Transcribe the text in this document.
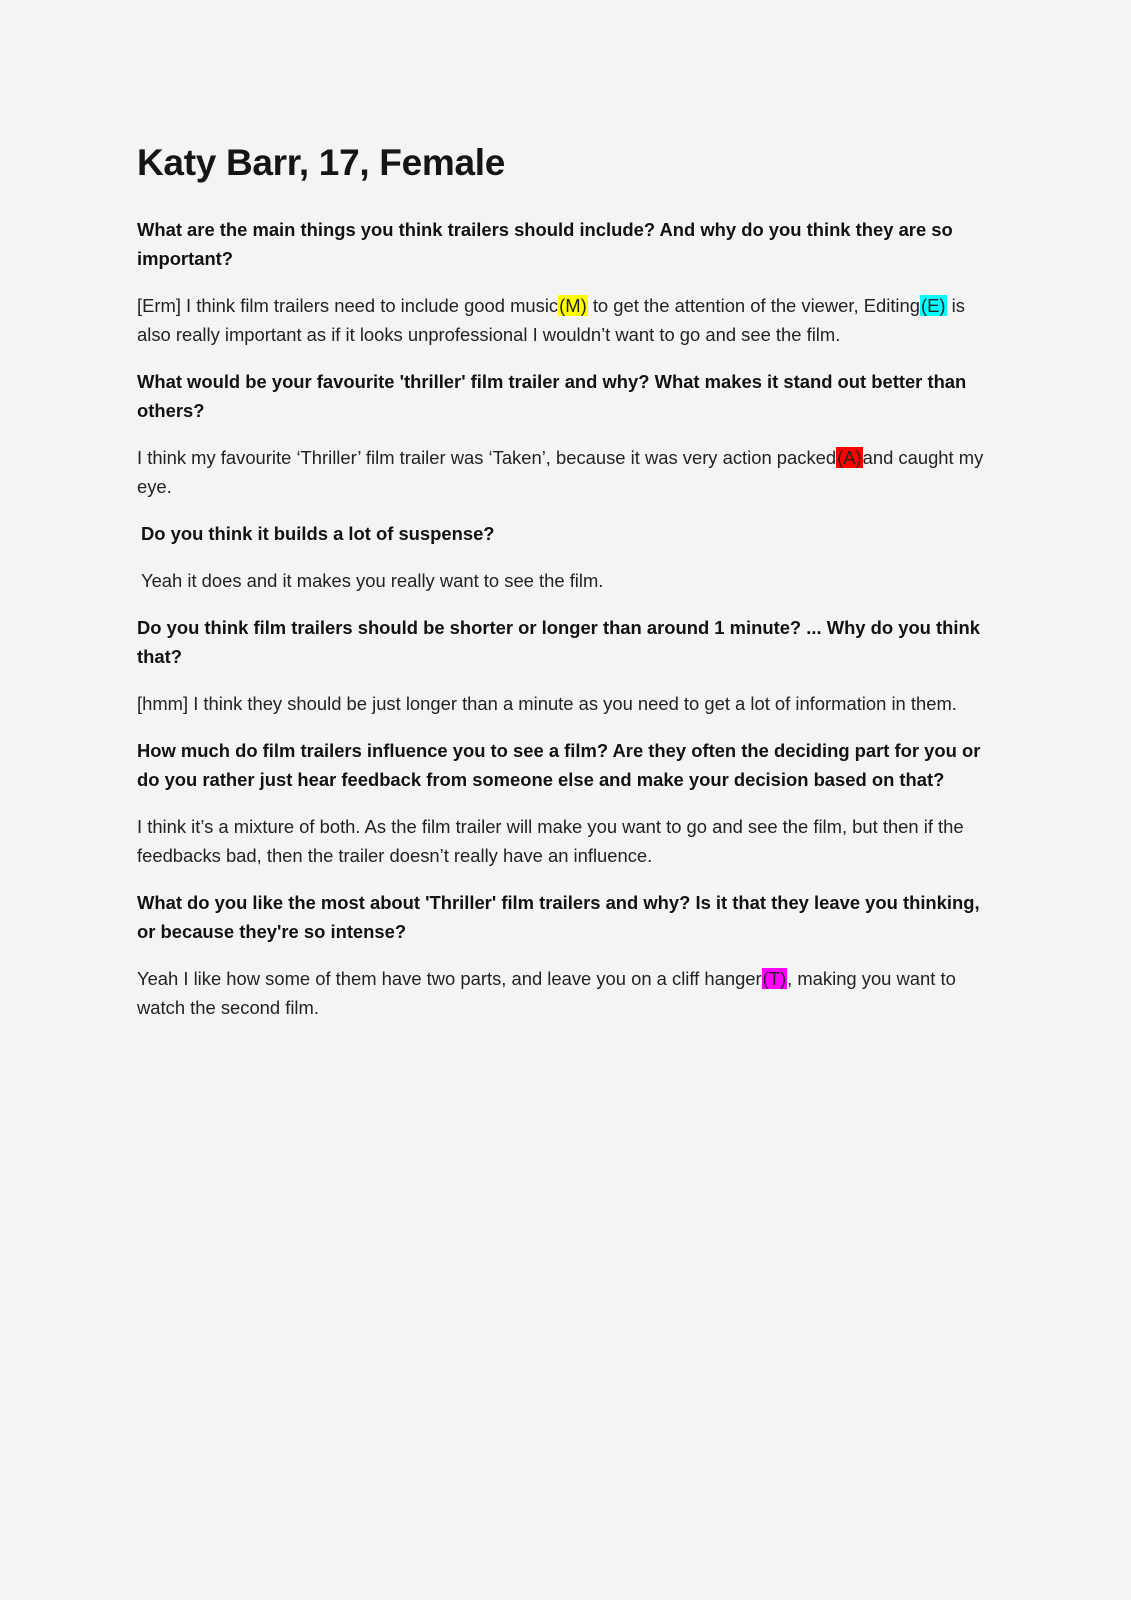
Katy Barr, 17, Female

What are the main things you think trailers should include? And why do you think they are so important?

[Erm] I think film trailers need to include good music(M) to get the attention of the viewer, Editing(E) is also really important as if it looks unprofessional I wouldn’t want to go and see the film.

What would be your favourite 'thriller' film trailer and why? What makes it stand out better than others?

I think my favourite ‘Thriller’ film trailer was ‘Taken’, because it was very action packed(A)and caught my eye.

Do you think it builds a lot of suspense?

Yeah it does and it makes you really want to see the film.

Do you think film trailers should be shorter or longer than around 1 minute? ... Why do you think that?

[hmm] I think they should be just longer than a minute as you need to get a lot of information in them.

How much do film trailers influence you to see a film? Are they often the deciding part for you or do you rather just hear feedback from someone else and make your decision based on that?

I think it’s a mixture of both. As the film trailer will make you want to go and see the film, but then if the feedbacks bad, then the trailer doesn’t really have an influence.

What do you like the most about 'Thriller' film trailers and why? Is it that they leave you thinking, or because they're so intense?

Yeah I like how some of them have two parts, and leave you on a cliff hanger(T), making you want to watch the second film.
